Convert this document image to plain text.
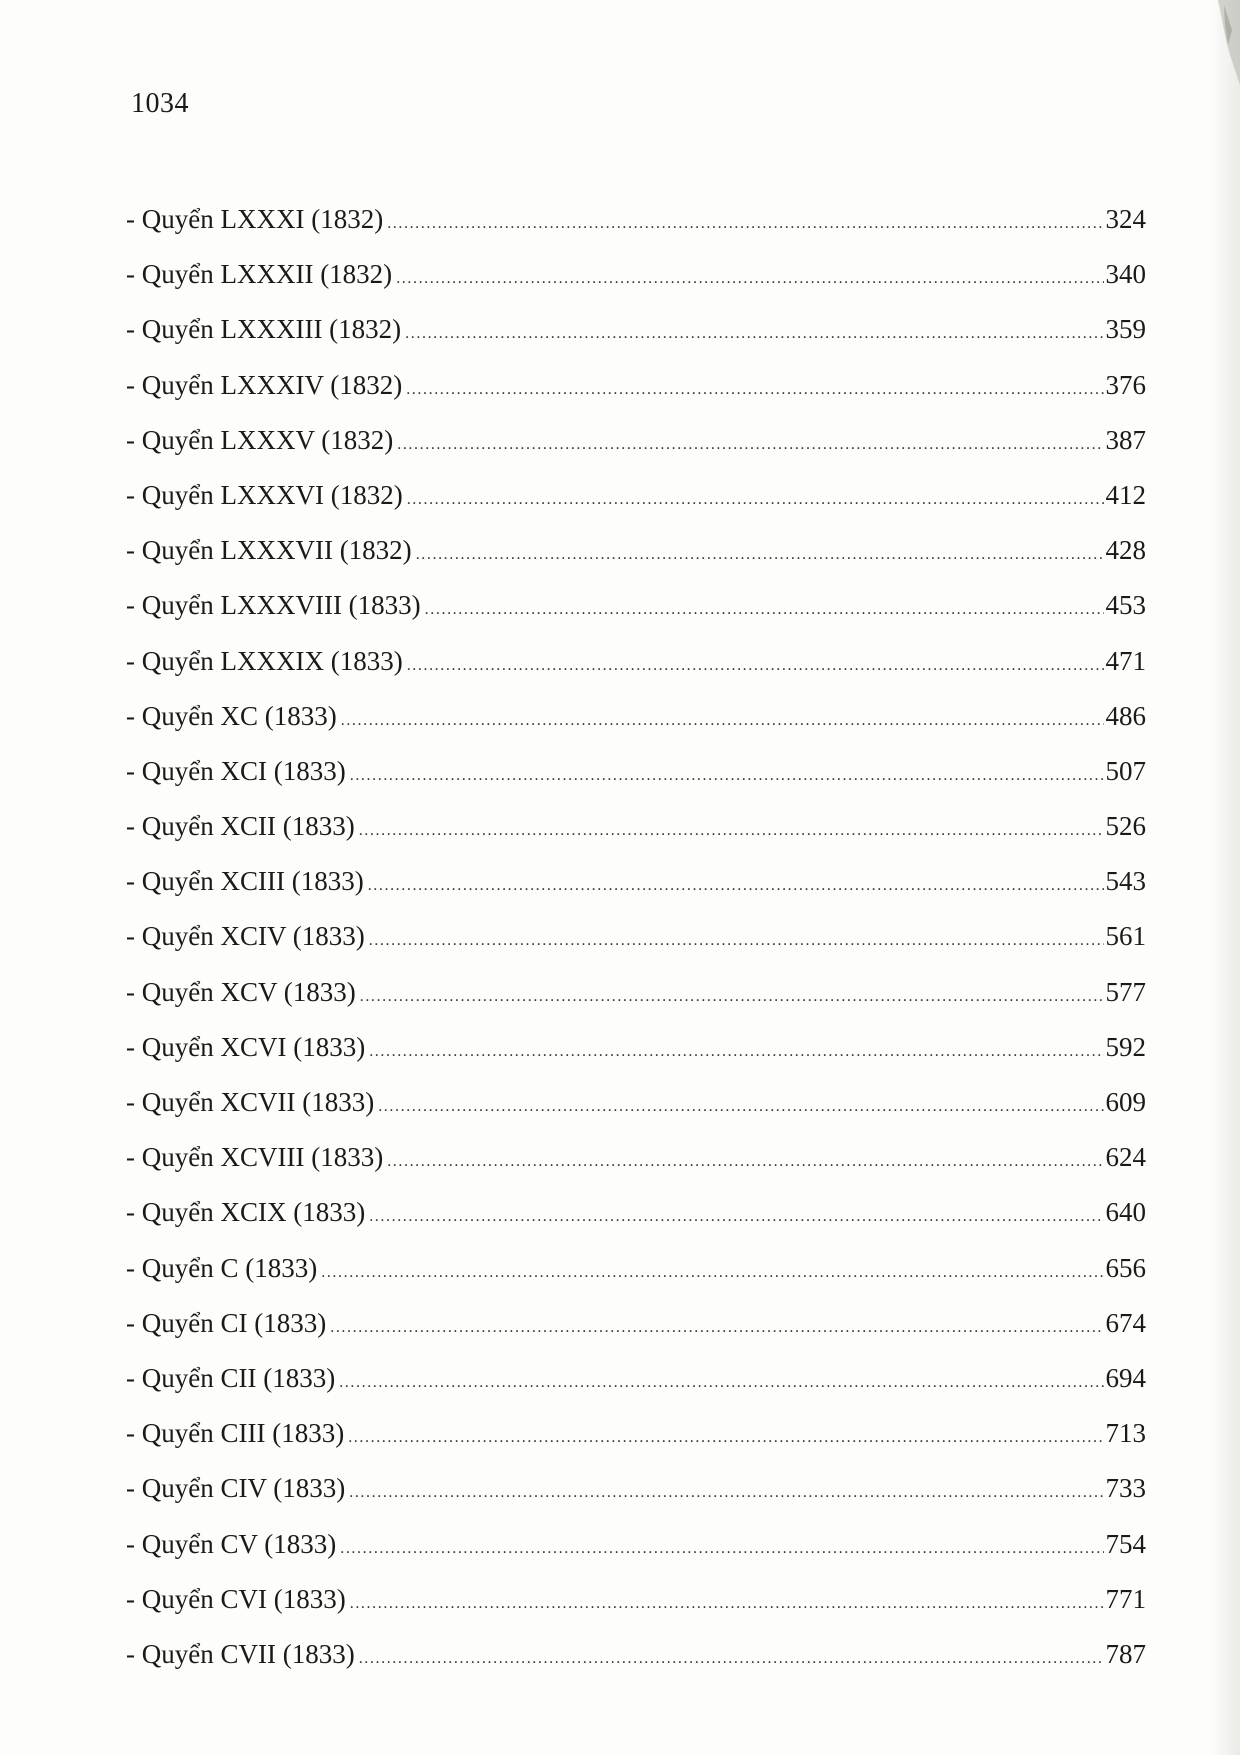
1034
- Quyển LXXXI (1832) .....	324
- Quyển LXXXII (1832) .....	340
- Quyển LXXXIII (1832) .....	359
- Quyển LXXXIV (1832) .....	376
- Quyển LXXXV (1832) .....	387
- Quyển LXXXVI (1832) .....	412
- Quyển LXXXVII (1832) .....	428
- Quyển LXXXVIII (1833) .....	453
- Quyển LXXXIX (1833) .....	471
- Quyển XC (1833) .....	486
- Quyển XCI (1833) .....	507
- Quyển XCII (1833) .....	526
- Quyển XCIII (1833) .....	543
- Quyển XCIV (1833) .....	561
- Quyển XCV (1833) .....	577
- Quyển XCVI (1833) .....	592
- Quyển XCVII (1833) .....	609
- Quyển XCVIII (1833) .....	624
- Quyển XCIX (1833) .....	640
- Quyển C (1833) .....	656
- Quyển CI (1833) .....	674
- Quyển CII (1833) .....	694
- Quyển CIII (1833) .....	713
- Quyển CIV (1833) .....	733
- Quyển CV (1833) .....	754
- Quyển CVI (1833) .....	771
- Quyển CVII (1833) .....	787
